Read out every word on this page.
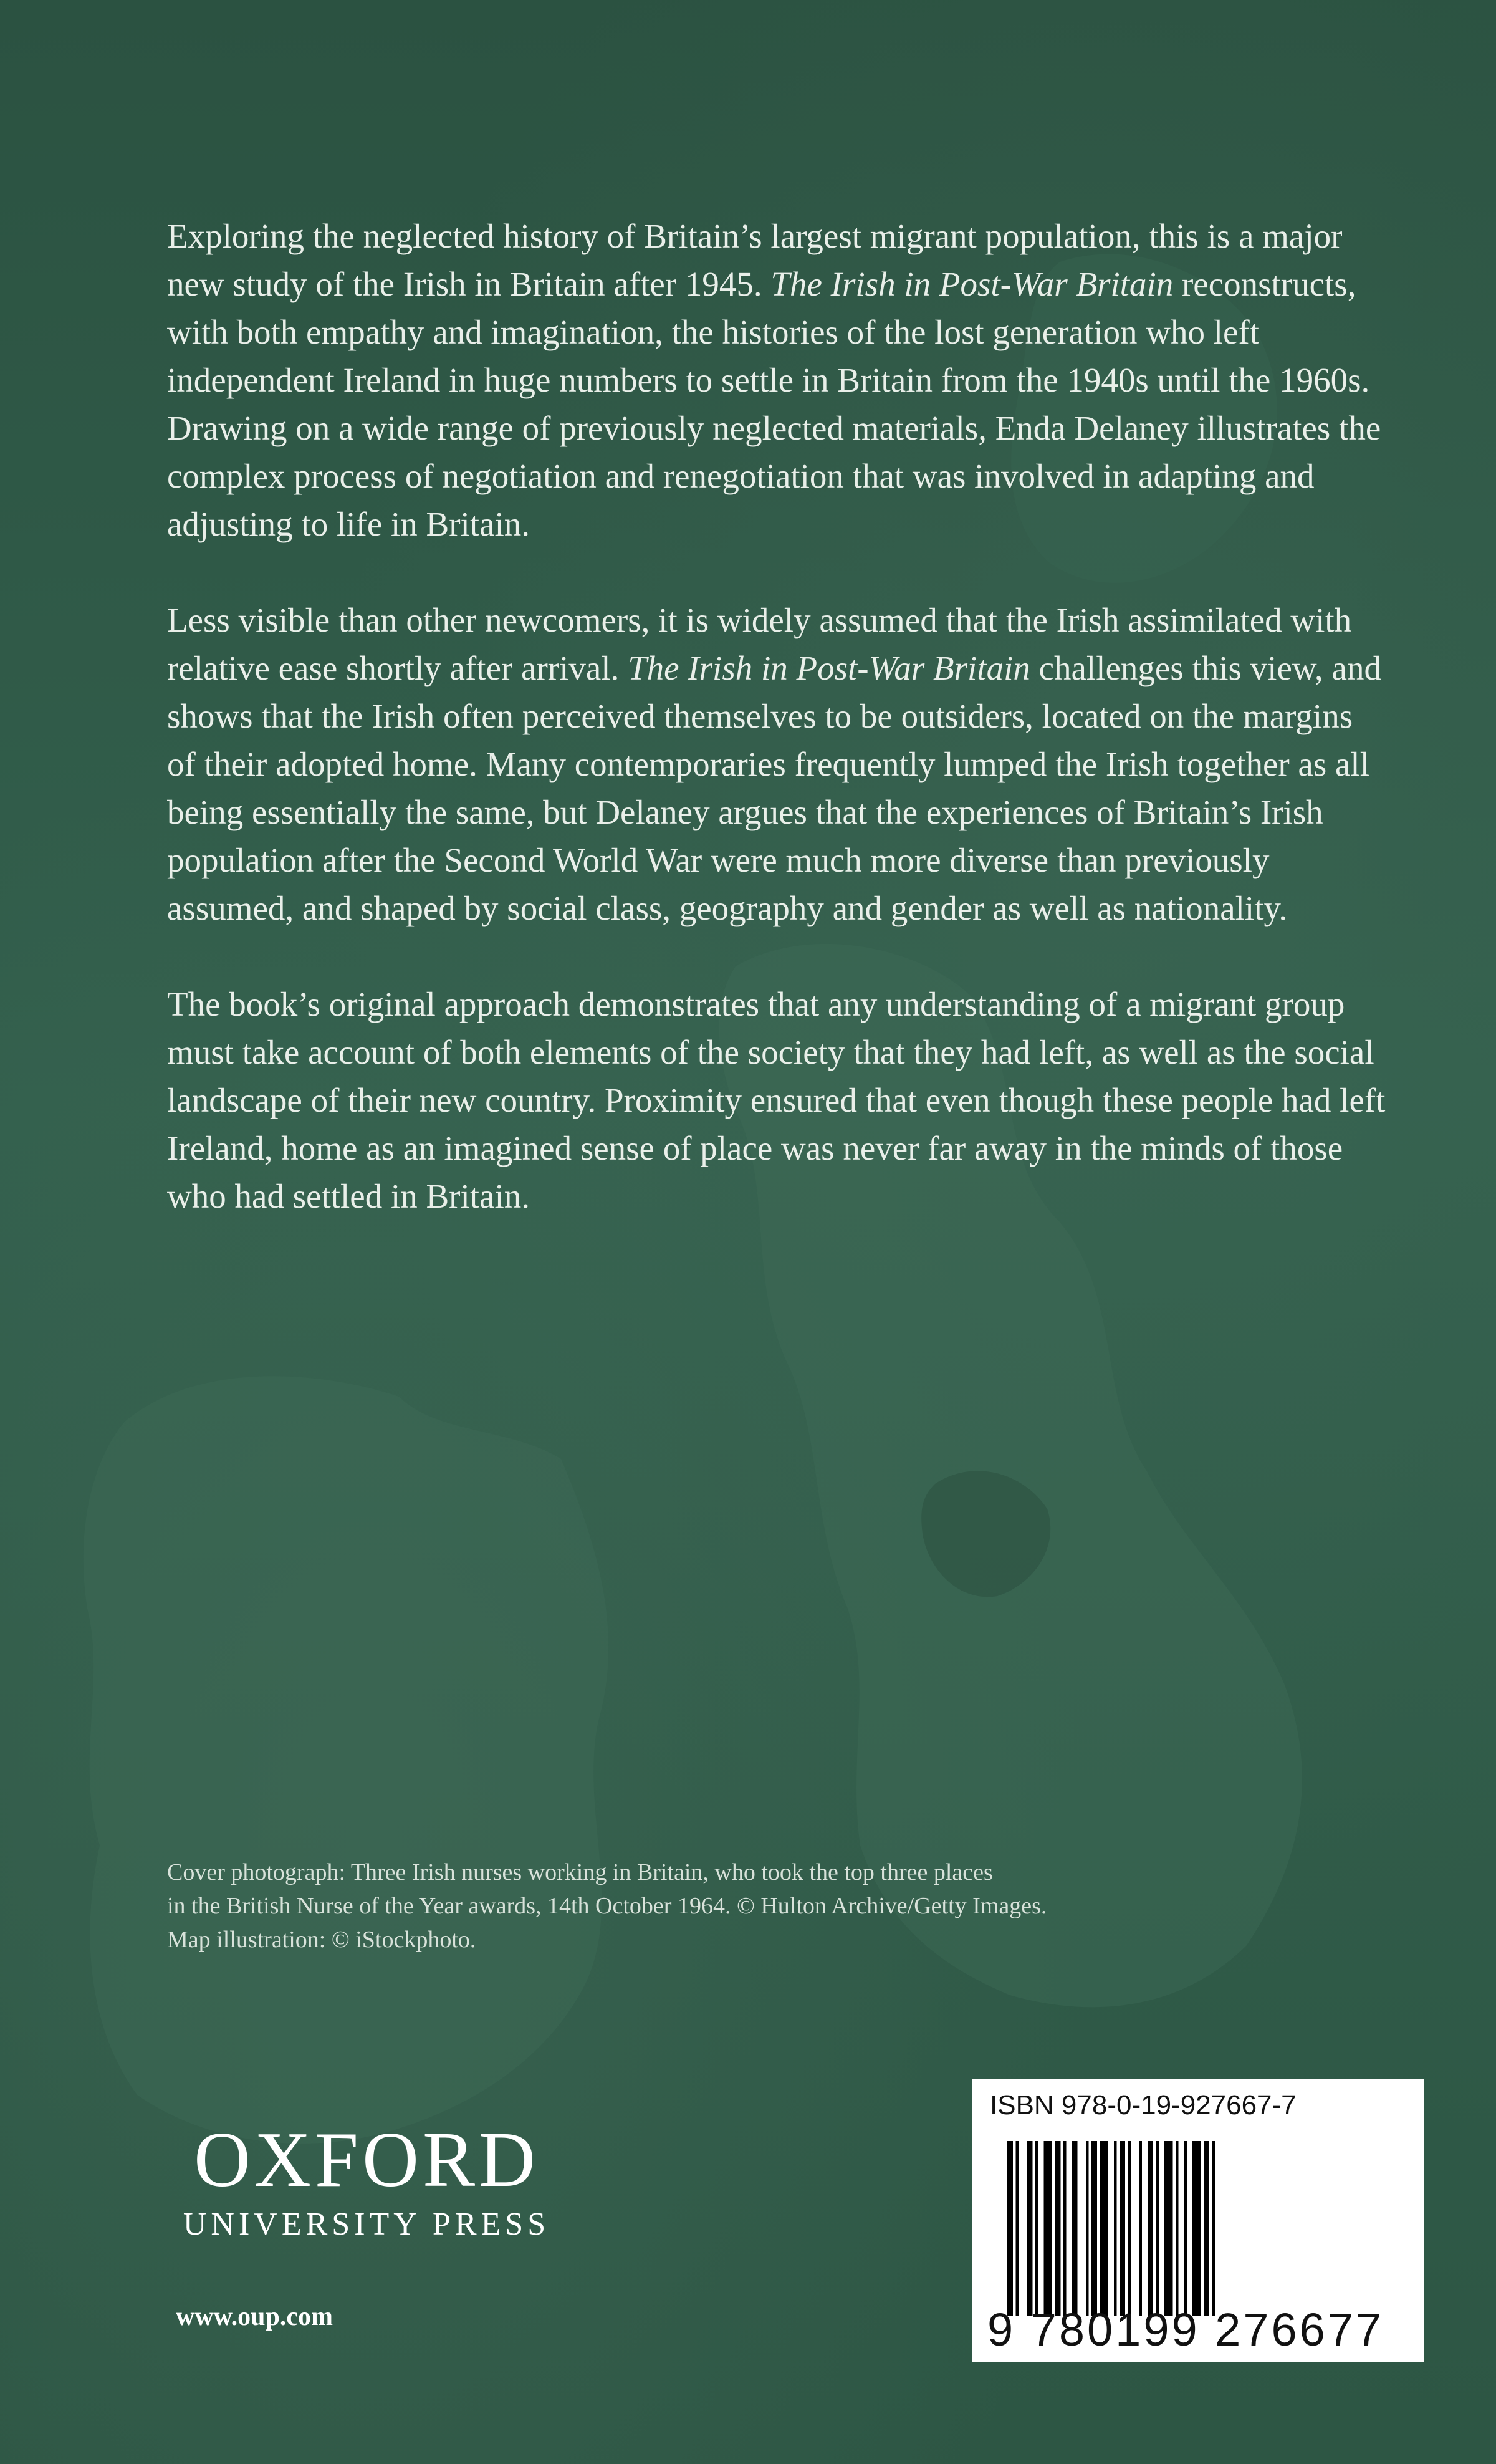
Exploring the neglected history of Britain’s largest migrant population, this is a major new study of the Irish in Britain after 1945. The Irish in Post-War Britain reconstructs, with both empathy and imagination, the histories of the lost generation who left independent Ireland in huge numbers to settle in Britain from the 1940s until the 1960s. Drawing on a wide range of previously neglected materials, Enda Delaney illustrates the complex process of negotiation and renegotiation that was involved in adapting and adjusting to life in Britain.

Less visible than other newcomers, it is widely assumed that the Irish assimilated with relative ease shortly after arrival. The Irish in Post-War Britain challenges this view, and shows that the Irish often perceived themselves to be outsiders, located on the margins of their adopted home. Many contemporaries frequently lumped the Irish together as all being essentially the same, but Delaney argues that the experiences of Britain’s Irish population after the Second World War were much more diverse than previously assumed, and shaped by social class, geography and gender as well as nationality.

The book’s original approach demonstrates that any understanding of a migrant group must take account of both elements of the society that they had left, as well as the social landscape of their new country. Proximity ensured that even though these people had left Ireland, home as an imagined sense of place was never far away in the minds of those who had settled in Britain.

Cover photograph: Three Irish nurses working in Britain, who took the top three places
in the British Nurse of the Year awards, 14th October 1964. © Hulton Archive/Getty Images.
Map illustration: © iStockphoto.
OXFORD
UNIVERSITY PRESS
www.oup.com
ISBN 978-0-19-927667-7
9 780199 276677
